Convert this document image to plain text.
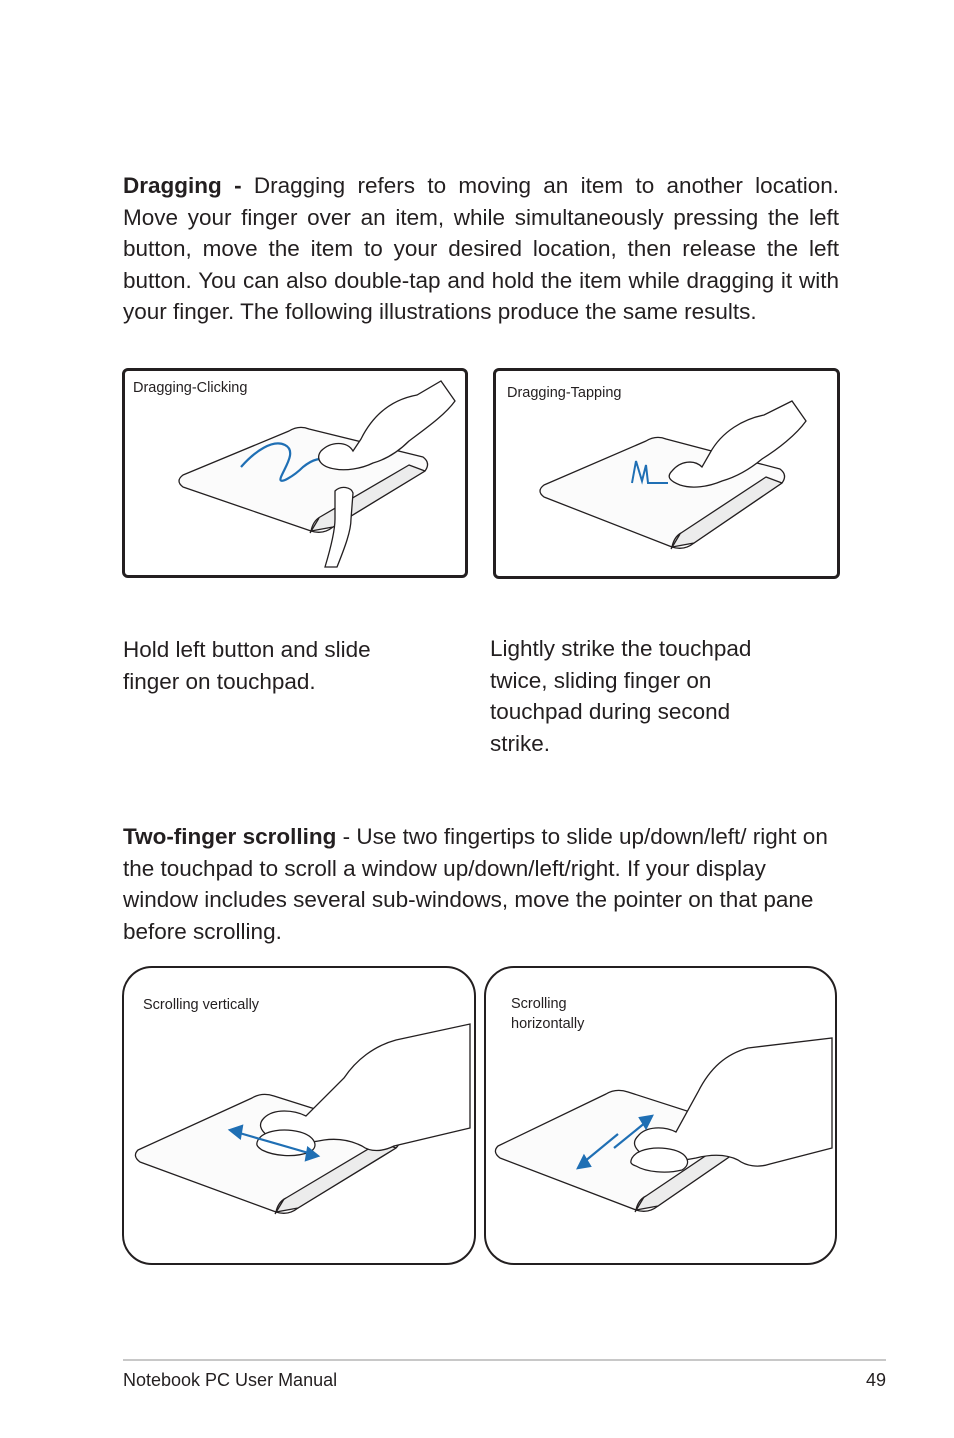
Dragging - Dragging refers to moving an item to another location. Move your finger over an item, while simultaneously pressing the left button, move the item to your desired location, then release the left button. You can also double-tap and hold the item while dragging it with your finger. The following illustrations produce the same results.

Dragging-Clicking	Dragging-Tapping

Hold left button and slide finger on touchpad.

Lightly strike the touchpad twice, sliding finger on touchpad during second strike.

Two-finger scrolling - Use two fingertips to slide up/down/left/ right on the touchpad to scroll a window up/down/left/right. If your display window includes several sub-windows, move the pointer on that pane before scrolling.

Scrolling vertically	Scrolling
horizontally

Notebook PC User Manual	49
